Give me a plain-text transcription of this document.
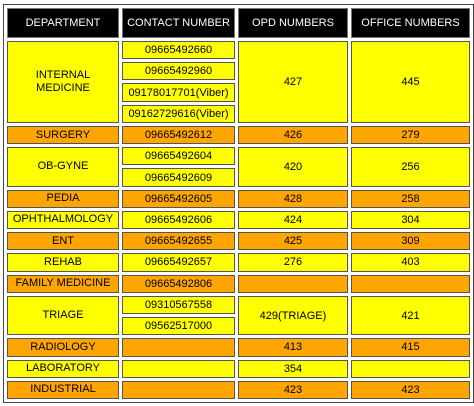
DEPARTMENT	CONTACT NUMBER	OPD NUMBERS	OFFICE NUMBERS
INTERNAL MEDICINE	09665492660	427	445
	09665492960		
	09178017701(Viber)		
	09162729616(Viber)		
SURGERY	09665492612	426	279
OB-GYNE	09665492604	420	256
	09665492609		
PEDIA	09665492605	428	258
OPHTHALMOLOGY	09665492606	424	304
ENT	09665492655	425	309
REHAB	09665492657	276	403
FAMILY MEDICINE	09665492806		
TRIAGE	09310567558	429(TRIAGE)	421
	09562517000		
RADIOLOGY		413	415
LABORATORY		354	
INDUSTRIAL		423	423
